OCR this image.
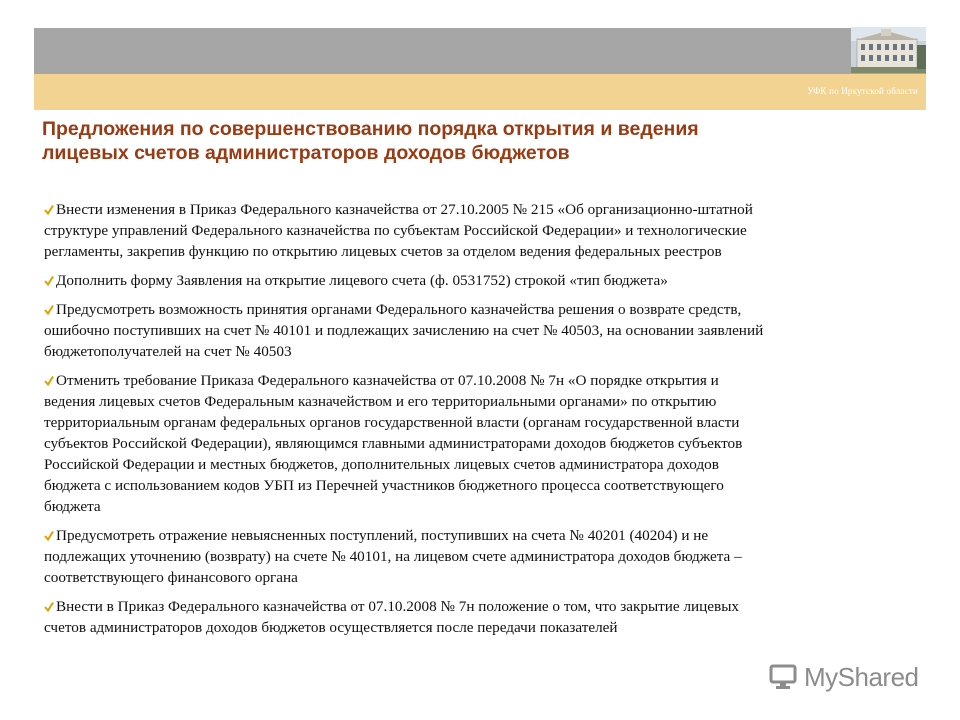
УФК по Иркутской области
Предложения по совершенствованию порядка открытия и ведения
лицевых счетов администраторов доходов бюджетов
Внести изменения в Приказ Федерального казначейства от 27.10.2005 № 215 «Об организационно-штатной
структуре управлений Федерального казначейства по субъектам Российской Федерации» и технологические
регламенты, закрепив функцию по открытию лицевых счетов за отделом ведения федеральных реестров
Дополнить форму Заявления на открытие лицевого счета (ф. 0531752) строкой «тип бюджета»
Предусмотреть возможность принятия органами Федерального казначейства решения о возврате средств,
ошибочно поступивших на счет № 40101 и подлежащих зачислению на счет № 40503, на основании заявлений
бюджетополучателей на счет № 40503
Отменить требование Приказа Федерального казначейства от 07.10.2008 № 7н «О порядке открытия и
ведения лицевых счетов Федеральным казначейством и его территориальными органами» по открытию
территориальным органам федеральных органов государственной власти (органам государственной власти
субъектов Российской Федерации), являющимся главными администраторами доходов бюджетов субъектов
Российской Федерации и местных бюджетов, дополнительных лицевых счетов администратора доходов
бюджета с использованием кодов УБП из Перечней участников бюджетного процесса соответствующего
бюджета
Предусмотреть отражение невыясненных поступлений, поступивших на счета № 40201 (40204) и не
подлежащих уточнению (возврату) на счете № 40101, на лицевом счете администратора доходов бюджета –
соответствующего финансового органа
Внести в Приказ Федерального казначейства от 07.10.2008 № 7н положение о том, что закрытие лицевых
счетов администраторов доходов бюджетов осуществляется после передачи показателей
MyShared
